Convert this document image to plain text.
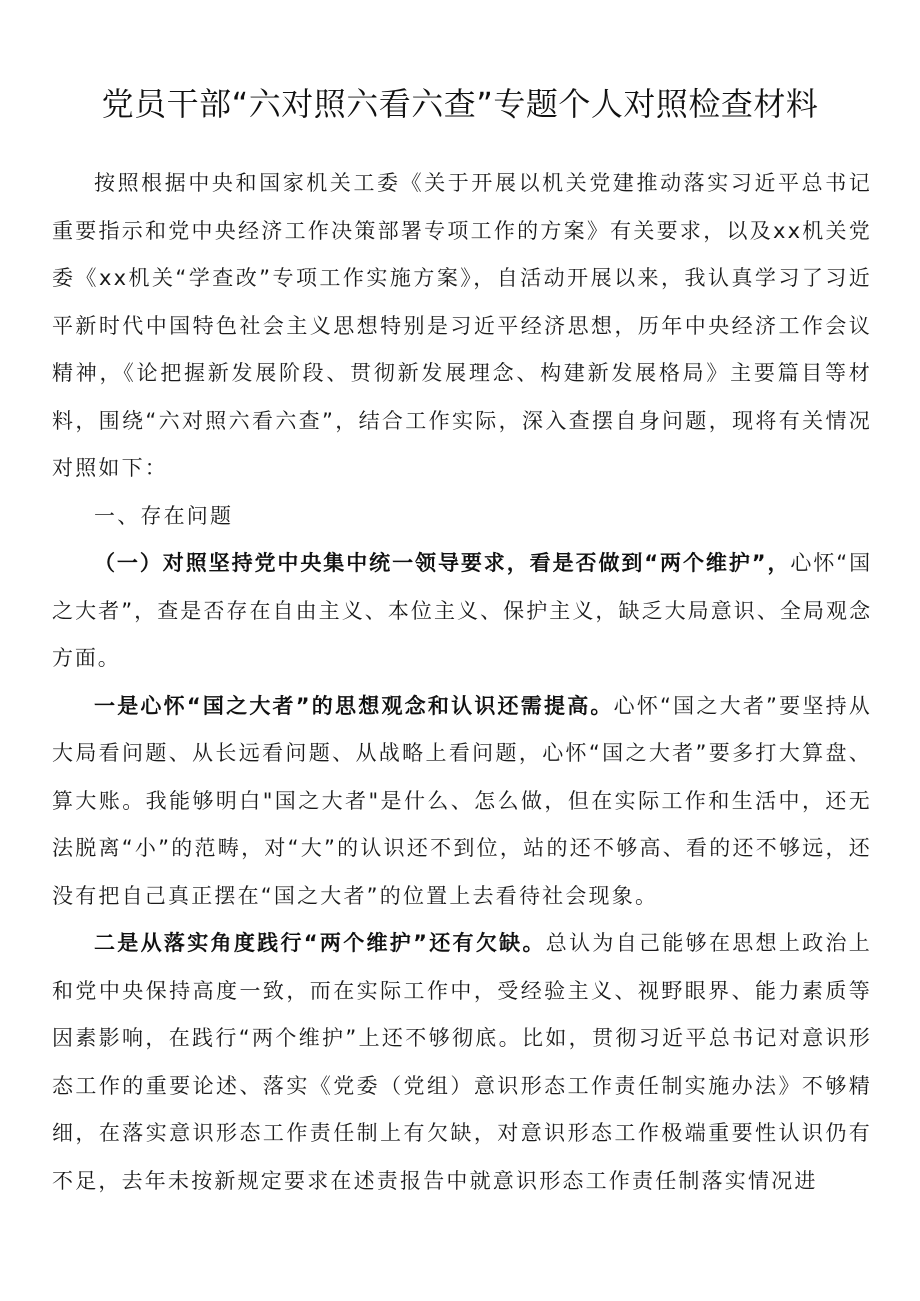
党员干部“六对照六看六查”专题个人对照检查材料

按照根据中央和国家机关工委《关于开展以机关党建推动落实习近平总书记重要指示和党中央经济工作决策部署专项工作的方案》有关要求，以及xx机关党委《xx机关“学查改”专项工作实施方案》，自活动开展以来，我认真学习了习近平新时代中国特色社会主义思想特别是习近平经济思想，历年中央经济工作会议精神，《论把握新发展阶段、贯彻新发展理念、构建新发展格局》主要篇目等材料，围绕“六对照六看六查”，结合工作实际，深入查摆自身问题，现将有关情况对照如下：

一、存在问题

（一）对照坚持党中央集中统一领导要求，看是否做到“两个维护”，心怀“国之大者”，查是否存在自由主义、本位主义、保护主义，缺乏大局意识、全局观念方面。

一是心怀“国之大者”的思想观念和认识还需提高。心怀“国之大者”要坚持从大局看问题、从长远看问题、从战略上看问题，心怀“国之大者”要多打大算盘、算大账。我能够明白"国之大者"是什么、怎么做，但在实际工作和生活中，还无法脱离“小”的范畴，对“大”的认识还不到位，站的还不够高、看的还不够远，还没有把自己真正摆在“国之大者”的位置上去看待社会现象。

二是从落实角度践行“两个维护”还有欠缺。总认为自己能够在思想上政治上和党中央保持高度一致，而在实际工作中，受经验主义、视野眼界、能力素质等因素影响，在践行“两个维护”上还不够彻底。比如，贯彻习近平总书记对意识形态工作的重要论述、落实《党委（党组）意识形态工作责任制实施办法》不够精细，在落实意识形态工作责任制上有欠缺，对意识形态工作极端重要性认识仍有不足，去年未按新规定要求在述责报告中就意识形态工作责任制落实情况进
